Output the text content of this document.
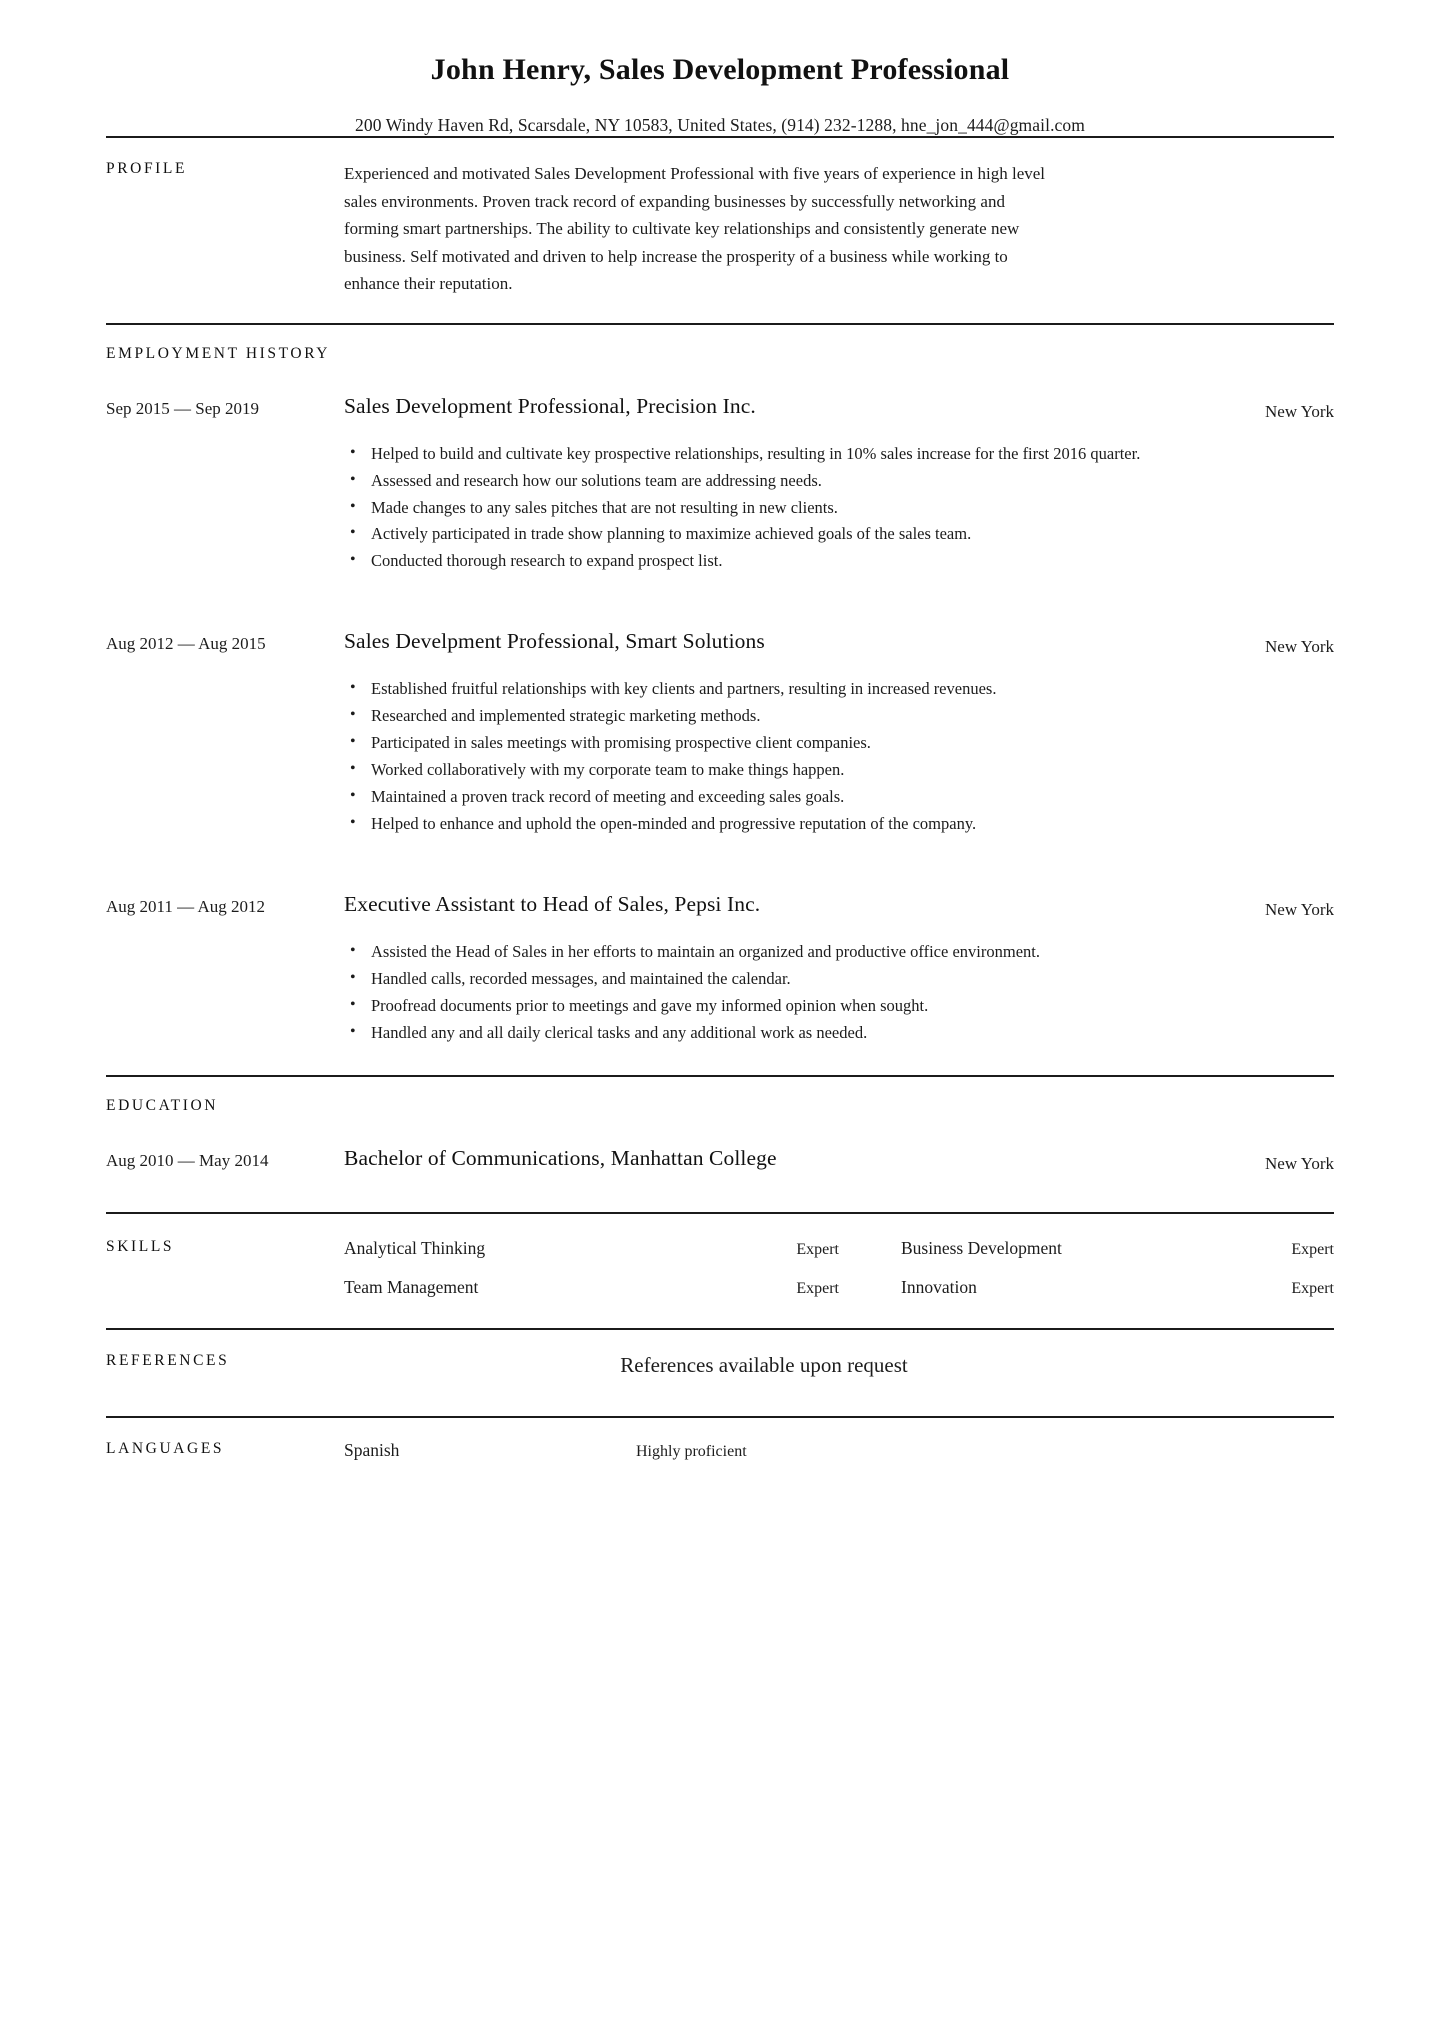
John Henry, Sales Development Professional
200 Windy Haven Rd, Scarsdale, NY 10583, United States, (914) 232-1288, hne_jon_444@gmail.com
PROFILE	Experienced and motivated Sales Development Professional with five years of experience in high level sales environments. Proven track record of expanding businesses by successfully networking and forming smart partnerships. The ability to cultivate key relationships and consistently generate new business. Self motivated and driven to help increase the prosperity of a business while working to enhance their reputation.
EMPLOYMENT HISTORY
Sep 2015 — Sep 2019	Sales Development Professional, Precision Inc.	New York
• Helped to build and cultivate key prospective relationships, resulting in 10% sales increase for the first 2016 quarter.
• Assessed and research how our solutions team are addressing needs.
• Made changes to any sales pitches that are not resulting in new clients.
• Actively participated in trade show planning to maximize achieved goals of the sales team.
• Conducted thorough research to expand prospect list.
Aug 2012 — Aug 2015	Sales Develpment Professional, Smart Solutions	New York
• Established fruitful relationships with key clients and partners, resulting in increased revenues.
• Researched and implemented strategic marketing methods.
• Participated in sales meetings with promising prospective client companies.
• Worked collaboratively with my corporate team to make things happen.
• Maintained a proven track record of meeting and exceeding sales goals.
• Helped to enhance and uphold the open-minded and progressive reputation of the company.
Aug 2011 — Aug 2012	Executive Assistant to Head of Sales, Pepsi Inc.	New York
• Assisted the Head of Sales in her efforts to maintain an organized and productive office environment.
• Handled calls, recorded messages, and maintained the calendar.
• Proofread documents prior to meetings and gave my informed opinion when sought.
• Handled any and all daily clerical tasks and any additional work as needed.
EDUCATION
Aug 2010 — May 2014	Bachelor of Communications, Manhattan College	New York
SKILLS	Analytical Thinking	Expert	Business Development	Expert
Team Management	Expert	Innovation	Expert
REFERENCES	References available upon request
LANGUAGES	Spanish	Highly proficient
